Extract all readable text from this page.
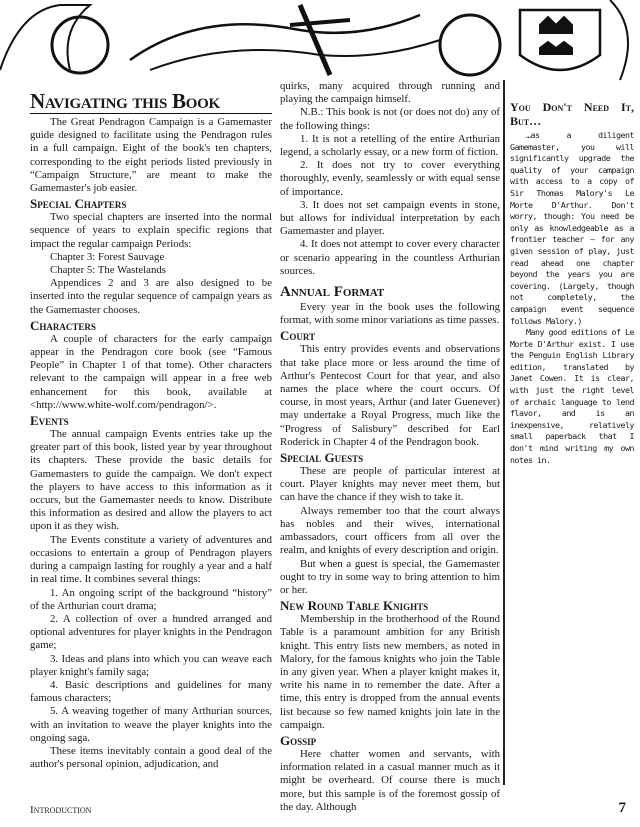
Navigating this Book

The Great Pendragon Campaign is a Gamemaster guide designed to facilitate using the Pendragon rules in a full campaign. Eight of the book's ten chapters, corresponding to the eight periods listed previously in “Campaign Structure,” are meant to make the Gamemaster's job easier.

Special Chapters

Two special chapters are inserted into the normal sequence of years to explain specific regions that impact the regular campaign Periods:

Chapter 3: Forest Sauvage

Chapter 5: The Wastelands

Appendices 2 and 3 are also designed to be inserted into the regular sequence of campaign years as the Gamemaster chooses.

Characters

A couple of characters for the early campaign appear in the Pendragon core book (see “Famous People” in Chapter 1 of that tome). Other characters relevant to the campaign will appear in a free web enhancement for this book, available at <http://www.white-wolf.com/pendragon/>.

Events

The annual campaign Events entries take up the greater part of this book, listed year by year throughout its chapters. These provide the basic details for Gamemasters to guide the campaign. We don't expect the players to have access to this information as it occurs, but the Gamemaster needs to know. Distribute this information as desired and allow the players to act upon it as they wish.

The Events constitute a variety of adventures and occasions to entertain a group of Pendragon players during a campaign lasting for roughly a year and a half in real time. It combines several things:

1. An ongoing script of the background “history” of the Arthurian court drama;

2. A collection of over a hundred arranged and optional adventures for player knights in the Pendragon game;

3. Ideas and plans into which you can weave each player knight's family saga;

4. Basic descriptions and guidelines for many famous characters;

5. A weaving together of many Arthurian sources, with an invitation to weave the player knights into the ongoing saga.

These items inevitably contain a good deal of the author's personal opinion, adjudication, and

quirks, many acquired through running and playing the campaign himself.

N.B.: This book is not (or does not do) any of the following things:

1. It is not a retelling of the entire Arthurian legend, a scholarly essay, or a new form of fiction.

2. It does not try to cover everything thoroughly, evenly, seamlessly or with equal sense of importance.

3. It does not set campaign events in stone, but allows for individual interpretation by each Gamemaster and player.

4. It does not attempt to cover every character or scenario appearing in the countless Arthurian sources.

Annual Format

Every year in the book uses the following format, with some minor variations as time passes.

Court

This entry provides events and observations that take place more or less around the time of Arthur's Pentecost Court for that year, and also names the place where the court occurs. Of course, in most years, Arthur (and later Guenever) may undertake a Royal Progress, much like the “Progress of Salisbury” described for Earl Roderick in Chapter 4 of the Pendragon book.

Special Guests

These are people of particular interest at court. Player knights may never meet them, but can have the chance if they wish to take it.

Always remember too that the court always has nobles and their wives, international ambassadors, court officers from all over the realm, and knights of every description and origin.

But when a guest is special, the Gamemaster ought to try in some way to bring attention to him or her.

New Round Table Knights

Membership in the brotherhood of the Round Table is a paramount ambition for any British knight. This entry lists new members, as noted in Malory, for the famous knights who join the Table in any given year. When a player knight makes it, write his name in to remember the date. After a time, this entry is dropped from the annual events list because so few named knights join late in the campaign.

Gossip

Here chatter women and servants, with information related in a casual manner much as it might be overheard. Of course there is much more, but this sample is of the foremost gossip of the day. Although

You Don't Need It, But…

…as a diligent Gamemaster, you will significantly upgrade the quality of your campaign with access to a copy of Sir Thomas Malory's Le Morte D'Arthur. Don't worry, though: You need be only as knowledgeable as a frontier teacher — for any given session of play, just read ahead one chapter beyond the years you are covering. (Largely, though not completely, the campaign event sequence follows Malory.)

Many good editions of Le Morte D'Arthur exist. I use the Penguin English Library edition, translated by Janet Cowen. It is clear, with just the right level of archaic language to lend flavor, and is an inexpensive, relatively small paperback that I don't mind writing my own notes in.

Introduction	7
